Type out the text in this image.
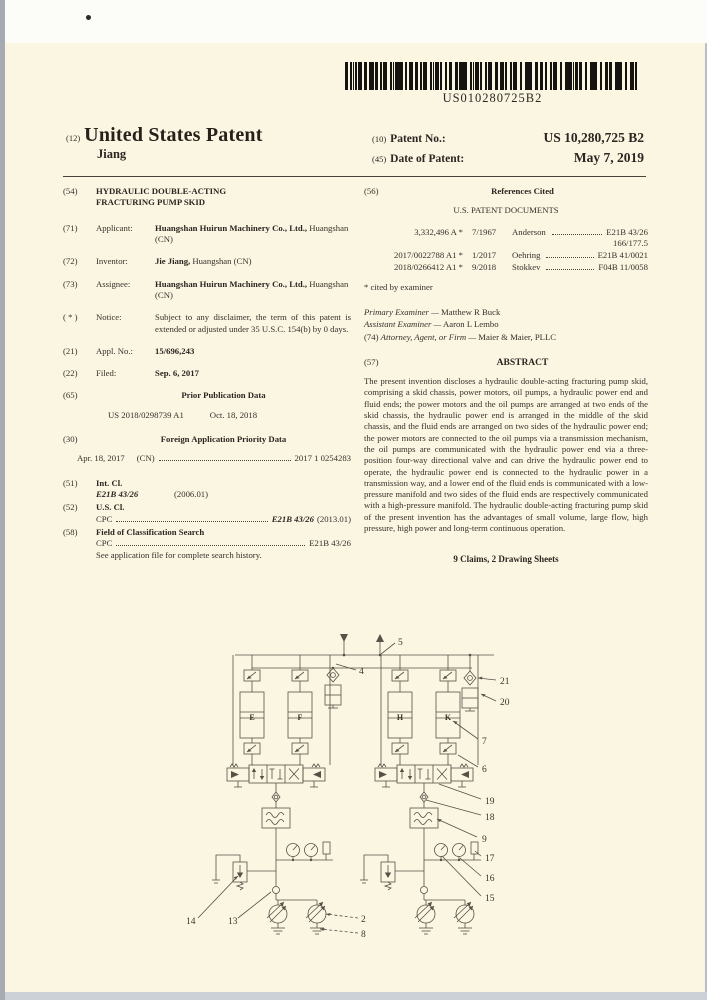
US010280725B2
(12) United States Patent
Jiang
(10) Patent No.:	US 10,280,725 B2
(45) Date of Patent:	May 7, 2019
(54)	HYDRAULIC DOUBLE-ACTING
FRACTURING PUMP SKID
(71)	Applicant:	Huangshan Huirun Machinery Co., Ltd., Huangshan (CN)
(72)	Inventor:	Jie Jiang, Huangshan (CN)
(73)	Assignee:	Huangshan Huirun Machinery Co., Ltd., Huangshan (CN)
( * )	Notice:	Subject to any disclaimer, the term of this patent is extended or adjusted under 35 U.S.C. 154(b) by 0 days.
(21)	Appl. No.:	15/696,243
(22)	Filed:	Sep. 6, 2017
(65)	Prior Publication Data
US 2018/0298739 A1	Oct. 18, 2018
(30)	Foreign Application Priority Data
Apr. 18, 2017 (CN)	2017 1 0254283
(51)	Int. Cl.
E21B 43/26	(2006.01)
(52)	U.S. Cl.
CPC	E21B 43/26 (2013.01)
(58)	Field of Classification Search
CPC	E21B 43/26
See application file for complete search history.
(56)	References Cited
U.S. PATENT DOCUMENTS
3,332,496 A *	7/1967	Anderson	E21B 43/26
166/177.5
2017/0022788 A1 *	1/2017	Oehring	E21B 41/0021
2018/0266412 A1 *	9/2018	Stokkev	F04B 11/0058
* cited by examiner
Primary Examiner — Matthew R Buck
Assistant Examiner — Aaron L Lembo
(74) Attorney, Agent, or Firm — Maier & Maier, PLLC
(57)	ABSTRACT

The present invention discloses a hydraulic double-acting fracturing pump skid, comprising a skid chassis, power motors, oil pumps, a hydraulic power end and fluid ends; the power motors and the oil pumps are arranged at two ends of the skid chassis, the hydraulic power end is arranged in the middle of the skid chassis, and the fluid ends are arranged on two sides of the hydraulic power end; the power motors are connected to the oil pumps via a transmission mechanism, the oil pumps are communicated with the hydraulic power end via a three-position four-way directional valve and can drive the hydraulic power end to operate, the hydraulic power end is connected to the hydraulic power in a transmission way, and a lower end of the fluid ends is communicated with a low-pressure manifold and two sides of the fluid ends are respectively communicated with a high-pressure manifold. The hydraulic double-acting fracturing pump skid of the present invention has the advantages of small volume, large flow, high pressure, high power and long-term continuous operation.

9 Claims, 2 Drawing Sheets
E	F	H	K
5
4
21
20
7
6
19
18
9
17
16
15
14	13	2
8
